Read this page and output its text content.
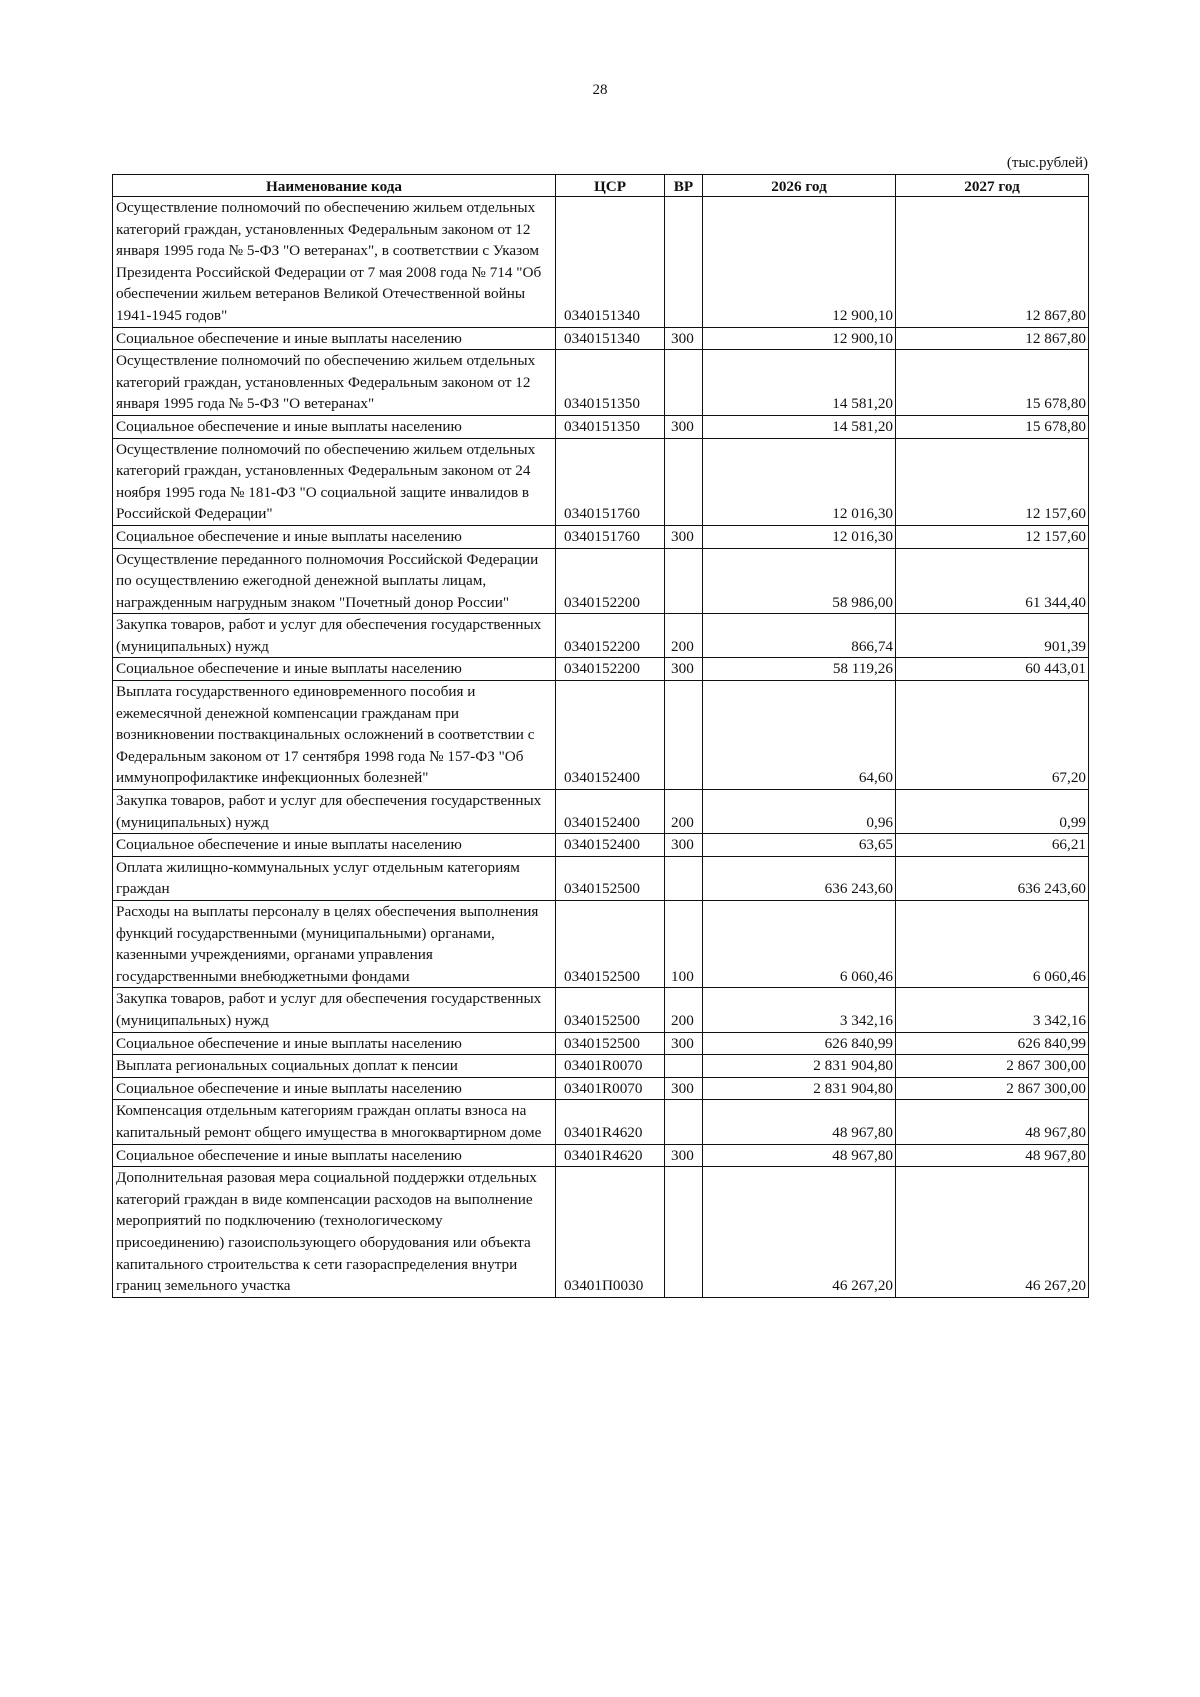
28
(тыс.рублей)
Наименование кода	ЦСР	ВР	2026 год	2027 год

Осуществление полномочий по обеспечению жильем отдельных категорий граждан, установленных Федеральным законом от 12 января 1995 года № 5-ФЗ "О ветеранах", в соответствии с Указом Президента Российской Федерации от 7 мая 2008 года № 714 "Об обеспечении жильем ветеранов Великой Отечественной войны 1941-1945 годов"	0340151340		12 900,10	12 867,80

Социальное обеспечение и иные выплаты населению	0340151340	300	12 900,10	12 867,80

Осуществление полномочий по обеспечению жильем отдельных категорий граждан, установленных Федеральным законом от 12 января 1995 года № 5-ФЗ "О ветеранах"	0340151350		14 581,20	15 678,80

Социальное обеспечение и иные выплаты населению	0340151350	300	14 581,20	15 678,80

Осуществление полномочий по обеспечению жильем отдельных категорий граждан, установленных Федеральным законом от 24 ноября 1995 года № 181-ФЗ "О социальной защите инвалидов в Российской Федерации"	0340151760		12 016,30	12 157,60

Социальное обеспечение и иные выплаты населению	0340151760	300	12 016,30	12 157,60

Осуществление переданного полномочия Российской Федерации по осуществлению ежегодной денежной выплаты лицам, награжденным нагрудным знаком "Почетный донор России"	0340152200		58 986,00	61 344,40

Закупка товаров, работ и услуг для обеспечения государственных (муниципальных) нужд	0340152200	200	866,74	901,39

Социальное обеспечение и иные выплаты населению	0340152200	300	58 119,26	60 443,01

Выплата государственного единовременного пособия и ежемесячной денежной компенсации гражданам при возникновении поствакцинальных осложнений в соответствии с Федеральным законом от 17 сентября 1998 года № 157-ФЗ "Об иммунопрофилактике инфекционных болезней"	0340152400		64,60	67,20

Закупка товаров, работ и услуг для обеспечения государственных (муниципальных) нужд	0340152400	200	0,96	0,99

Социальное обеспечение и иные выплаты населению	0340152400	300	63,65	66,21

Оплата жилищно-коммунальных услуг отдельным категориям граждан	0340152500		636 243,60	636 243,60

Расходы на выплаты персоналу в целях обеспечения выполнения функций государственными (муниципальными) органами, казенными учреждениями, органами управления государственными внебюджетными фондами	0340152500	100	6 060,46	6 060,46

Закупка товаров, работ и услуг для обеспечения государственных (муниципальных) нужд	0340152500	200	3 342,16	3 342,16

Социальное обеспечение и иные выплаты населению	0340152500	300	626 840,99	626 840,99

Выплата региональных социальных доплат к пенсии	03401R0070		2 831 904,80	2 867 300,00

Социальное обеспечение и иные выплаты населению	03401R0070	300	2 831 904,80	2 867 300,00

Компенсация отдельным категориям граждан оплаты взноса на капитальный ремонт общего имущества в многоквартирном доме	03401R4620		48 967,80	48 967,80

Социальное обеспечение и иные выплаты населению	03401R4620	300	48 967,80	48 967,80

Дополнительная разовая мера социальной поддержки отдельных категорий граждан в виде компенсации расходов на выполнение мероприятий по подключению (технологическому присоединению) газоиспользующего оборудования или объекта капитального строительства к сети газораспределения внутри границ земельного участка	03401П0030		46 267,20	46 267,20
